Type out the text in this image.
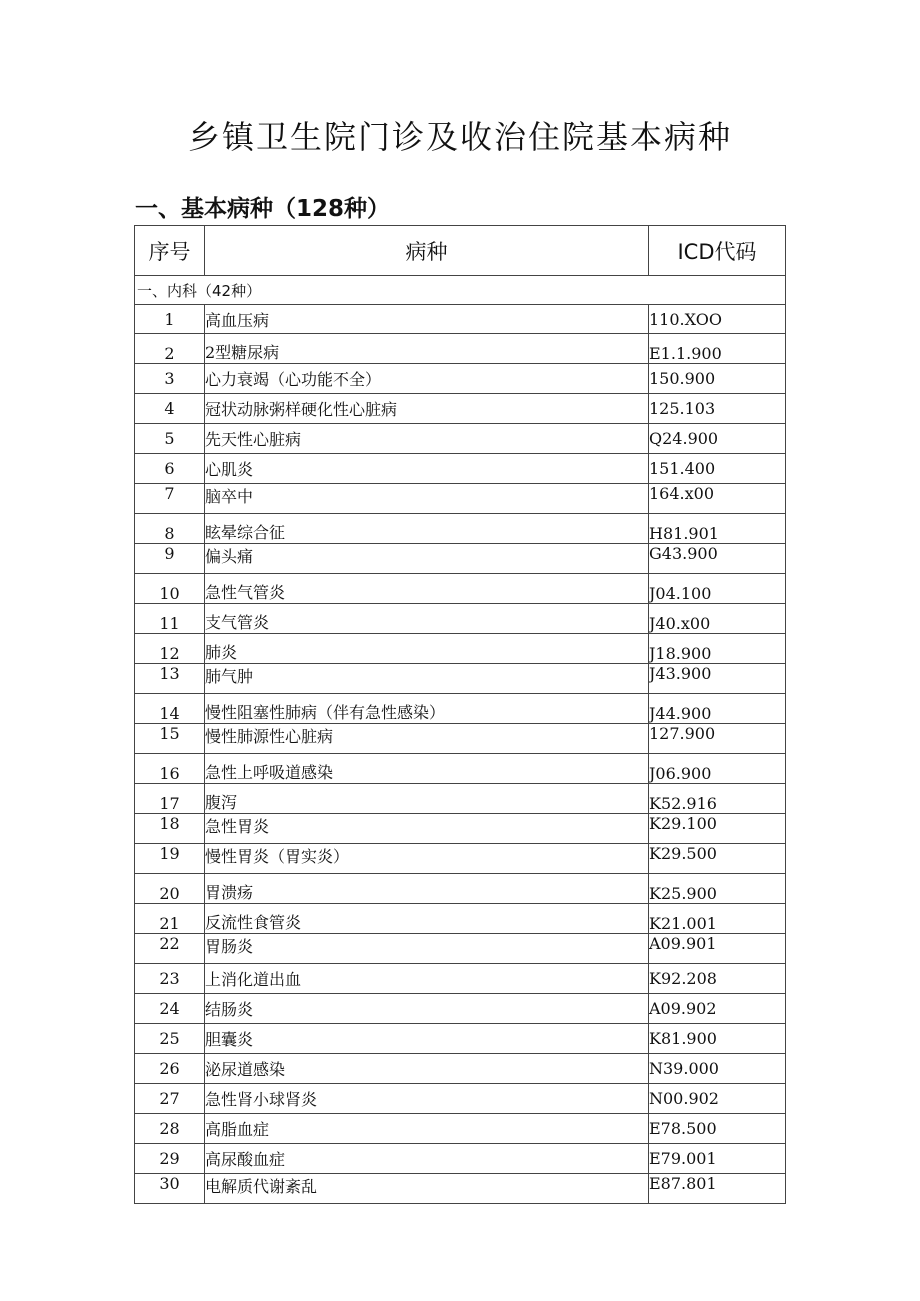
乡镇卫生院门诊及收治住院基本病种
一、基本病种（128种）
序号	病种	ICD代码
一、内科（42种）		
1	高血压病	110.XOO
2	2型糖尿病	E1.1.900
3	心力衰竭（心功能不全）	150.900
4	冠状动脉粥样硬化性心脏病	125.103
5	先天性心脏病	Q24.900
6	心肌炎	151.400
7	脑卒中	164.x00
8	眩晕综合征	H81.901
9	偏头痛	G43.900
10	急性气管炎	J04.100
11	支气管炎	J40.x00
12	肺炎	J18.900
13	肺气肿	J43.900
14	慢性阻塞性肺病（伴有急性感染）	J44.900
15	慢性肺源性心脏病	127.900
16	急性上呼吸道感染	J06.900
17	腹泻	K52.916
18	急性胃炎	K29.100
19	慢性胃炎（胃实炎）	K29.500
20	胃溃疡	K25.900
21	反流性食管炎	K21.001
22	胃肠炎	A09.901
23	上消化道出血	K92.208
24	结肠炎	A09.902
25	胆囊炎	K81.900
26	泌尿道感染	N39.000
27	急性肾小球肾炎	N00.902
28	高脂血症	E78.500
29	高尿酸血症	E79.001
30	电解质代谢紊乱	E87.801
